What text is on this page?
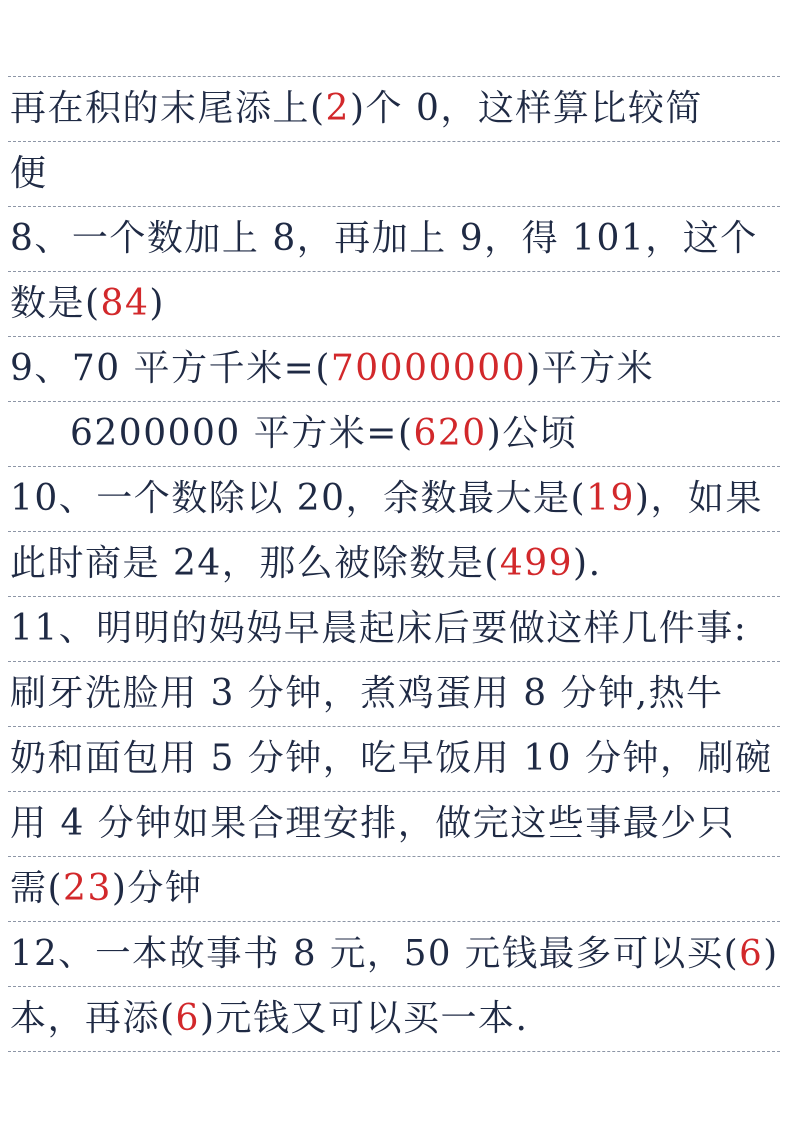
再在积的末尾添上(2)个 0，这样算比较简
便
8、一个数加上 8，再加上 9，得 101，这个
数是(84)
9、70 平方千米=(70000000)平方米
6200000 平方米=(620)公顷
10、一个数除以 20，余数最大是(19)，如果
此时商是 24，那么被除数是(499).
11、明明的妈妈早晨起床后要做这样几件事:
刷牙洗脸用 3 分钟，煮鸡蛋用 8 分钟,热牛
奶和面包用 5 分钟，吃早饭用 10 分钟，刷碗
用 4 分钟如果合理安排，做完这些事最少只
需(23)分钟
12、一本故事书 8 元，50 元钱最多可以买(6)
本，再添(6)元钱又可以买一本.
